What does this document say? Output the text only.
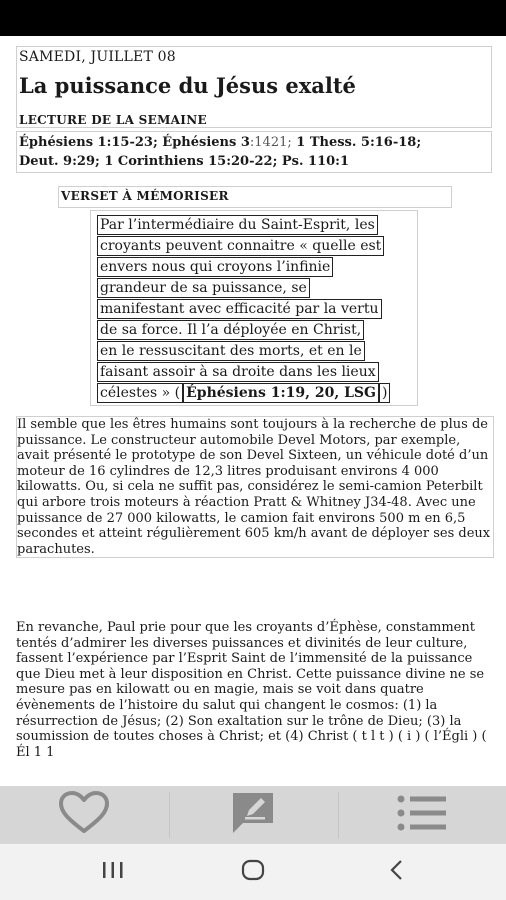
SAMEDI, JUILLET 08
La puissance du Jésus exalté
LECTURE DE LA SEMAINE
Éphésiens 1:15-23; Éphésiens 3:1421; 1 Thess. 5:16-18;
Deut. 9:29; 1 Corinthiens 15:20-22; Ps. 110:1
VERSET À MÉMORISER
Par l’intermédiaire du Saint-Esprit, les
croyants peuvent connaitre « quelle est
envers nous qui croyons l’infinie
grandeur de sa puissance, se
manifestant avec efficacité par la vertu
de sa force. Il l’a déployée en Christ,
en le ressuscitant des morts, et en le
faisant assoir à sa droite dans les lieux
célestes » ( Éphésiens 1:19, 20, LSG )
Il semble que les êtres humains sont toujours à la recherche de plus de puissance. Le constructeur automobile Devel Motors, par exemple, avait présenté le prototype de son Devel Sixteen, un véhicule doté d’un moteur de 16 cylindres de 12,3 litres produisant environs 4 000 kilowatts. Ou, si cela ne suffit pas, considérez le semi-camion Peterbilt qui arbore trois moteurs à réaction Pratt & Whitney J34-48. Avec une puissance de 27 000 kilowatts, le camion fait environs 500 m en 6,5 secondes et atteint régulièrement 605 km/h avant de déployer ses deux parachutes.
En revanche, Paul prie pour que les croyants d’Éphèse, constamment tentés d’admirer les diverses puissances et divinités de leur culture, fassent l’expérience par l’Esprit Saint de l’immensité de la puissance que Dieu met à leur disposition en Christ. Cette puissance divine ne se mesure pas en kilowatt ou en magie, mais se voit dans quatre évènements de l’histoire du salut qui changent le cosmos: (1) la résurrection de Jésus; (2) Son exaltation sur le trône de Dieu; (3) la soumission de toutes choses à Christ; et (4) Christ ( t l t ) ( i ) ( l’Égli ) ( Él 1 1
